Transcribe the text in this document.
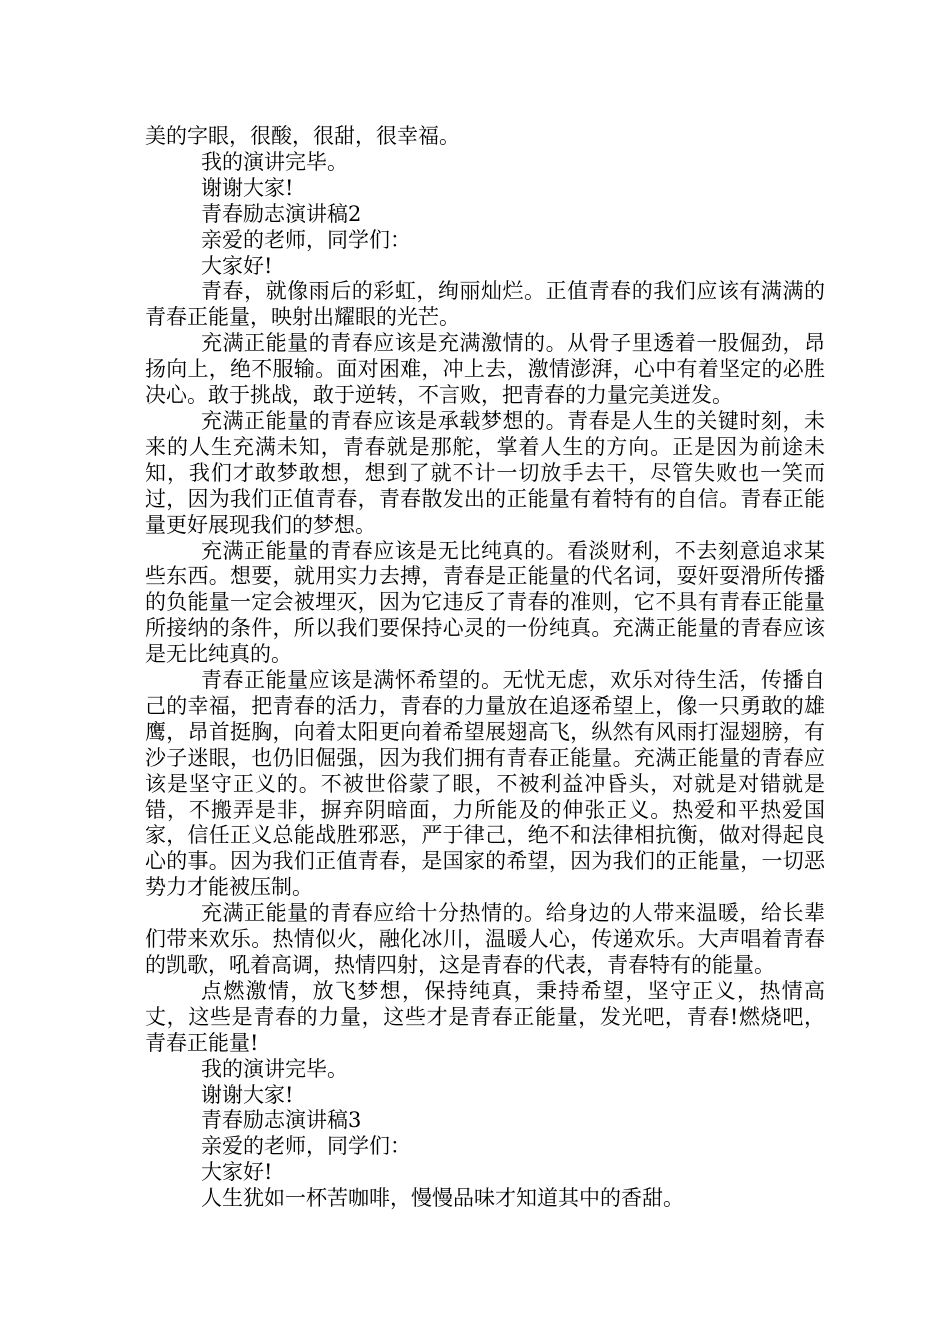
美的字眼，很酸，很甜，很幸福。

我的演讲完毕。

谢谢大家!

青春励志演讲稿2

亲爱的老师，同学们：

大家好!

青春，就像雨后的彩虹，绚丽灿烂。正值青春的我们应该有满满的青春正能量，映射出耀眼的光芒。

充满正能量的青春应该是充满激情的。从骨子里透着一股倔劲，昂扬向上，绝不服输。面对困难，冲上去，激情澎湃，心中有着坚定的必胜决心。敢于挑战，敢于逆转，不言败，把青春的力量完美迸发。

充满正能量的青春应该是承载梦想的。青春是人生的关键时刻，未来的人生充满未知，青春就是那舵，掌着人生的方向。正是因为前途未知，我们才敢梦敢想，想到了就不计一切放手去干，尽管失败也一笑而过，因为我们正值青春，青春散发出的正能量有着特有的自信。青春正能量更好展现我们的梦想。

充满正能量的青春应该是无比纯真的。看淡财利，不去刻意追求某些东西。想要，就用实力去搏，青春是正能量的代名词，耍奸耍滑所传播的负能量一定会被埋灭，因为它违反了青春的准则，它不具有青春正能量所接纳的条件，所以我们要保持心灵的一份纯真。充满正能量的青春应该是无比纯真的。

青春正能量应该是满怀希望的。无忧无虑，欢乐对待生活，传播自己的幸福，把青春的活力，青春的力量放在追逐希望上，像一只勇敢的雄鹰，昂首挺胸，向着太阳更向着希望展翅高飞，纵然有风雨打湿翅膀，有沙子迷眼，也仍旧倔强，因为我们拥有青春正能量。充满正能量的青春应该是坚守正义的。不被世俗蒙了眼，不被利益冲昏头，对就是对错就是错，不搬弄是非，摒弃阴暗面，力所能及的伸张正义。热爱和平热爱国家，信任正义总能战胜邪恶，严于律己，绝不和法律相抗衡，做对得起良心的事。因为我们正值青春，是国家的希望，因为我们的正能量，一切恶势力才能被压制。

充满正能量的青春应给十分热情的。给身边的人带来温暖，给长辈们带来欢乐。热情似火，融化冰川，温暖人心，传递欢乐。大声唱着青春的凯歌，吼着高调，热情四射，这是青春的代表，青春特有的能量。

点燃激情，放飞梦想，保持纯真，秉持希望，坚守正义，热情高丈，这些是青春的力量，这些才是青春正能量，发光吧，青春!燃烧吧，青春正能量!

我的演讲完毕。

谢谢大家!

青春励志演讲稿3

亲爱的老师，同学们：

大家好!

人生犹如一杯苦咖啡，慢慢品味才知道其中的香甜。
